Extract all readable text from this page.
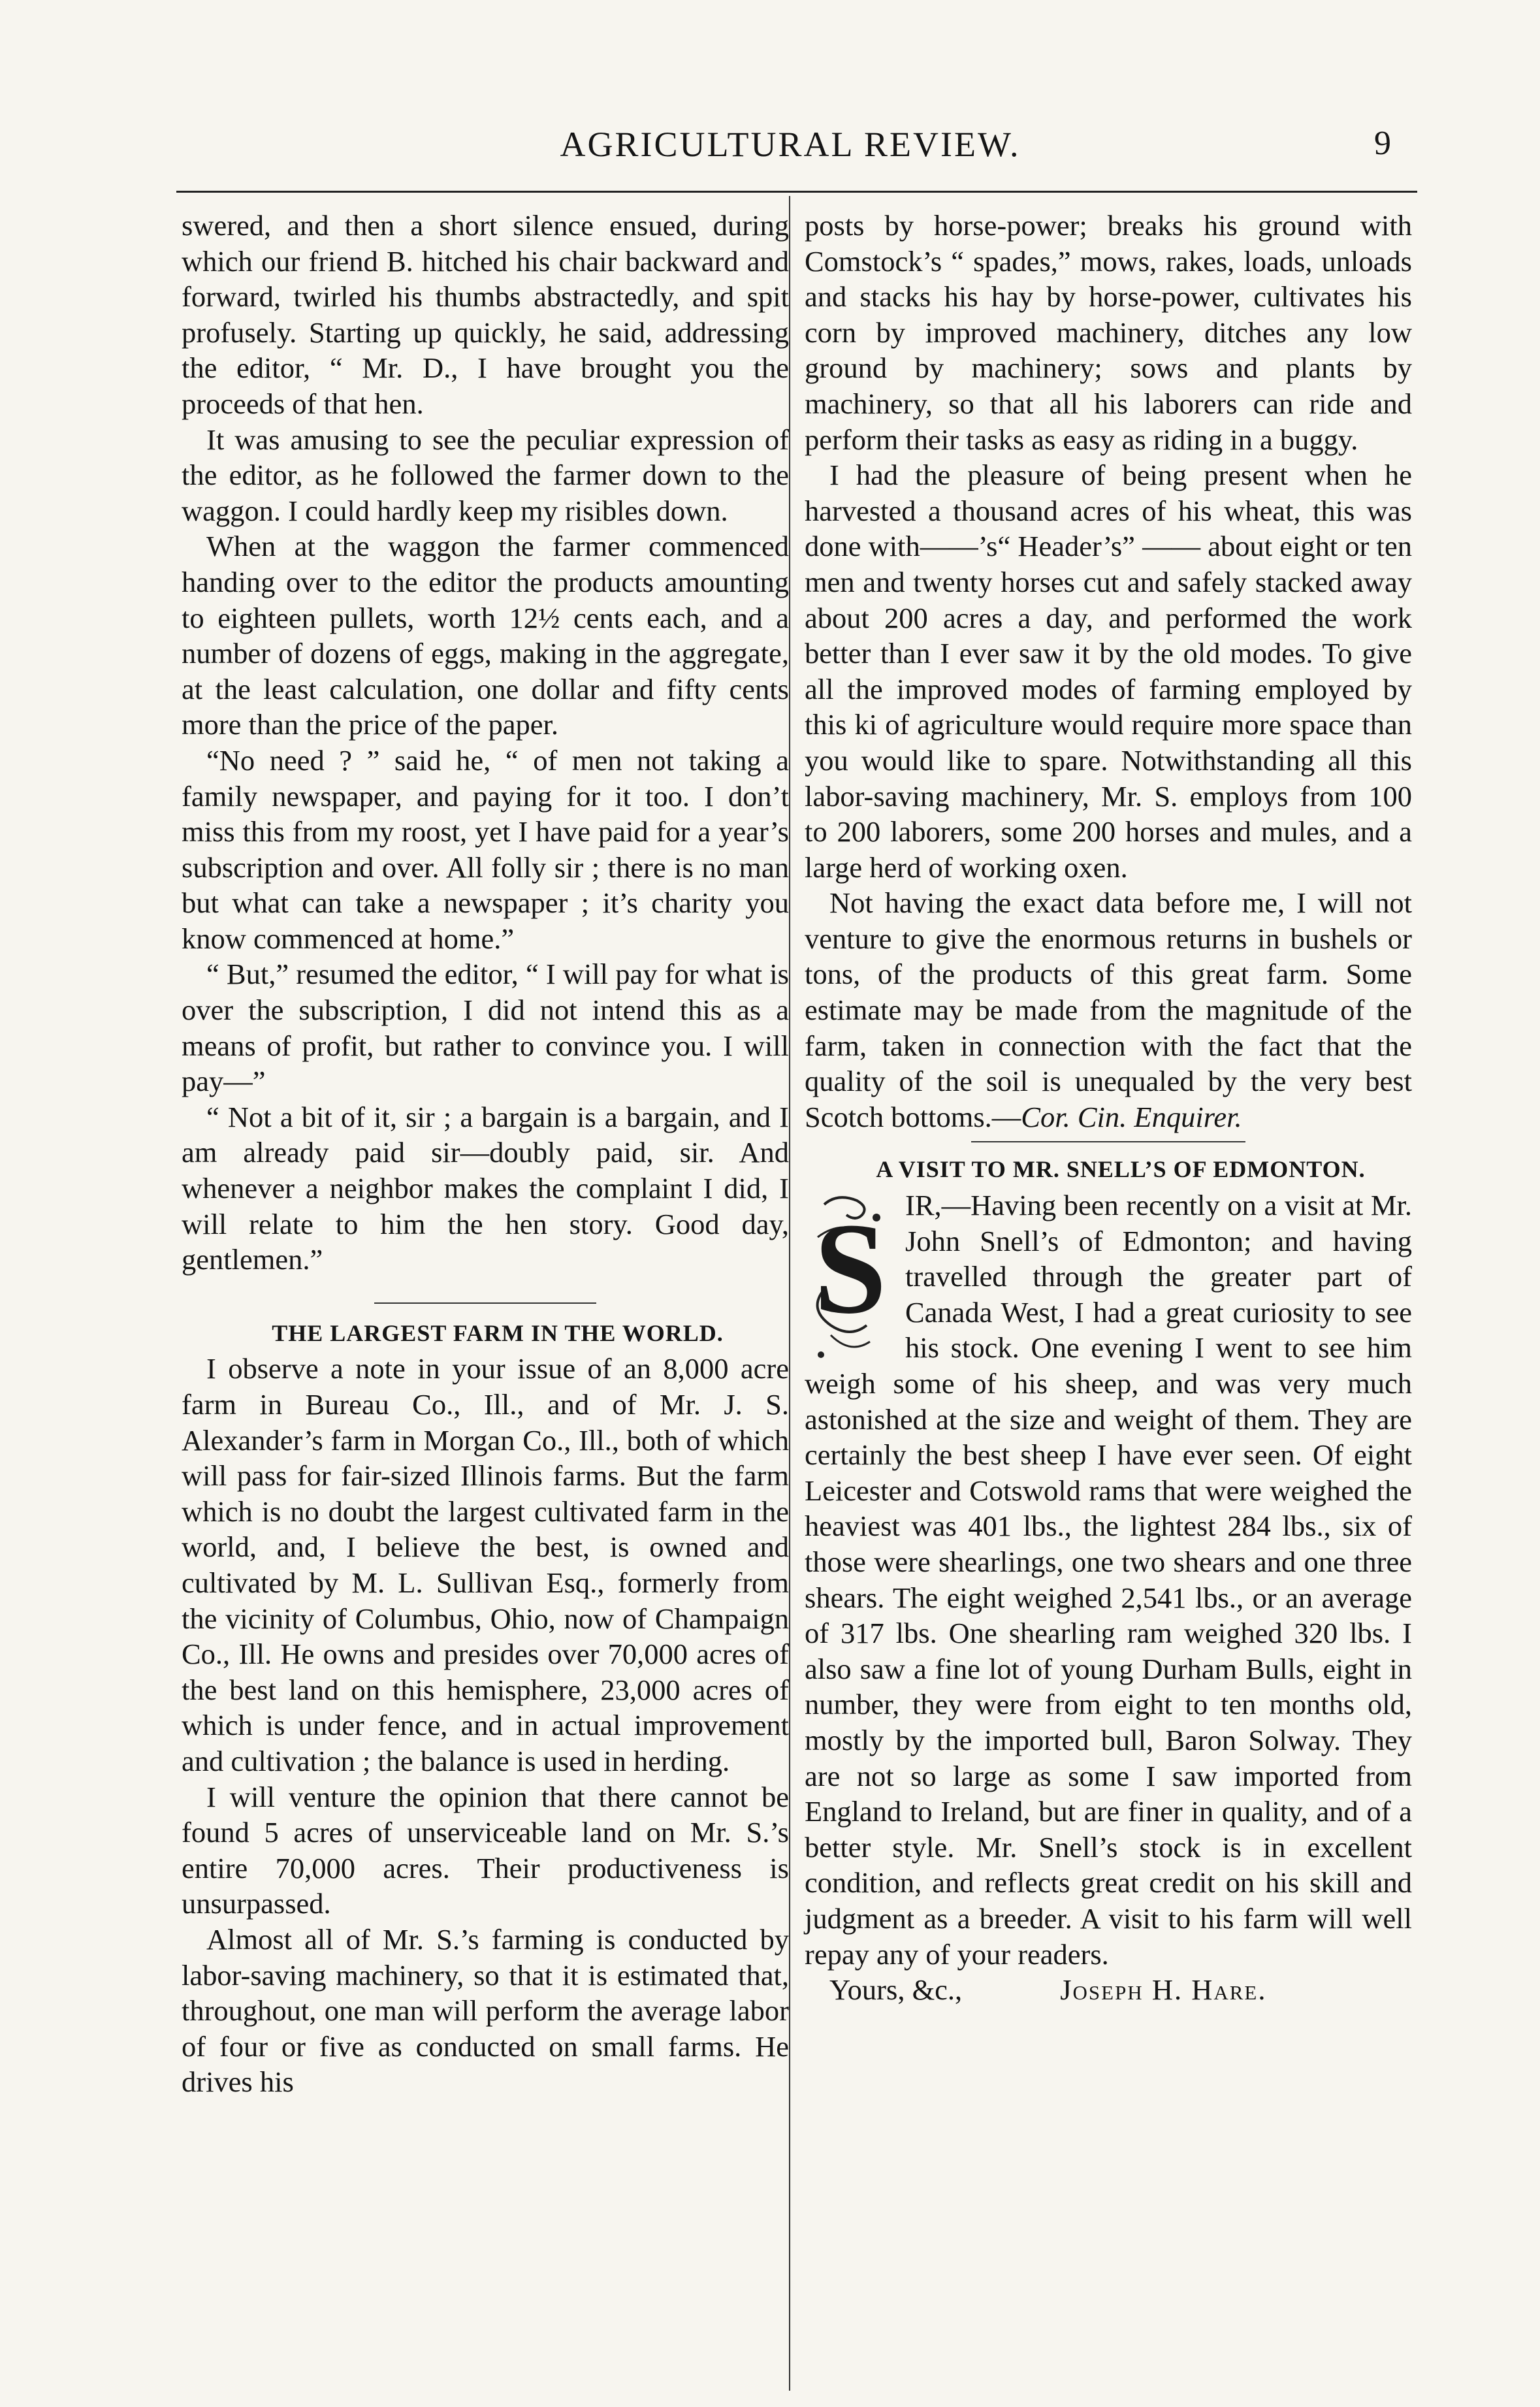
AGRICULTURAL REVIEW.	9

swered, and then a short silence ensued, during which our friend B. hitched his chair backward and forward, twirled his thumbs abstractedly, and spit profusely. Starting up quickly, he said, addressing the editor, “ Mr. D., I have brought you the proceeds of that hen.

It was amusing to see the peculiar expression of the editor, as he followed the farmer down to the waggon. I could hardly keep my risibles down.

When at the waggon the farmer commenced handing over to the editor the products amounting to eighteen pullets, worth 12½ cents each, and a number of dozens of eggs, making in the aggregate, at the least calculation, one dollar and fifty cents more than the price of the paper.

“No need ? ” said he, “ of men not taking a family newspaper, and paying for it too. I don’t miss this from my roost, yet I have paid for a year’s subscription and over. All folly sir ; there is no man but what can take a newspaper ; it’s charity you know commenced at home.”

“ But,” resumed the editor, “ I will pay for what is over the subscription, I did not intend this as a means of profit, but rather to convince you. I will pay—”

“ Not a bit of it, sir ; a bargain is a bargain, and I am already paid sir—doubly paid, sir. And whenever a neighbor makes the complaint I did, I will relate to him the hen story. Good day, gentlemen.”

THE LARGEST FARM IN THE WORLD.

I observe a note in your issue of an 8,000 acre farm in Bureau Co., Ill., and of Mr. J. S. Alexander’s farm in Morgan Co., Ill., both of which will pass for fair-sized Illinois farms. But the farm which is no doubt the largest cultivated farm in the world, and, I believe the best, is owned and cultivated by M. L. Sullivan Esq., formerly from the vicinity of Columbus, Ohio, now of Champaign Co., Ill. He owns and presides over 70,000 acres of the best land on this hemisphere, 23,000 acres of which is under fence, and in actual improvement and cultivation ; the balance is used in herding.

I will venture the opinion that there cannot be found 5 acres of unserviceable land on Mr. S.’s entire 70,000 acres. Their productiveness is unsurpassed.

Almost all of Mr. S.’s farming is conducted by labor-saving machinery, so that it is estimated that, throughout, one man will perform the average labor of four or five as conducted on small farms. He drives his

posts by horse-power; breaks his ground with Comstock’s “ spades,” mows, rakes, loads, unloads and stacks his hay by horse-power, cultivates his corn by improved machinery, ditches any low ground by machinery; sows and plants by machinery, so that all his laborers can ride and perform their tasks as easy as riding in a buggy.

I had the pleasure of being present when he harvested a thousand acres of his wheat, this was done with——’s“ Header’s” —— about eight or ten men and twenty horses cut and safely stacked away about 200 acres a day, and performed the work better than I ever saw it by the old modes. To give all the improved modes of farming employed by this ki of agriculture would require more space than you would like to spare. Notwithstanding all this labor-saving machinery, Mr. S. employs from 100 to 200 laborers, some 200 horses and mules, and a large herd of working oxen.

Not having the exact data before me, I will not venture to give the enormous returns in bushels or tons, of the products of this great farm. Some estimate may be made from the magnitude of the farm, taken in connection with the fact that the quality of the soil is unequaled by the very best Scotch bottoms.—Cor. Cin. Enquirer.

A VISIT TO MR. SNELL’S OF EDMONTON.

S IR,—Having been recently on a visit at Mr. John Snell’s of Edmonton; and having travelled through the greater part of Canada West, I had a great curiosity to see his stock. One evening I went to see him weigh some of his sheep, and was very much astonished at the size and weight of them. They are certainly the best sheep I have ever seen. Of eight Leicester and Cotswold rams that were weighed the heaviest was 401 lbs., the lightest 284 lbs., six of those were shearlings, one two shears and one three shears. The eight weighed 2,541 lbs., or an average of 317 lbs. One shearling ram weighed 320 lbs. I also saw a fine lot of young Durham Bulls, eight in number, they were from eight to ten months old, mostly by the imported bull, Baron Solway. They are not so large as some I saw imported from England to Ireland, but are finer in quality, and of a better style. Mr. Snell’s stock is in excellent condition, and reflects great credit on his skill and judgment as a breeder. A visit to his farm will well repay any of your readers.

Yours, &c.,	Joseph H. Hare.
